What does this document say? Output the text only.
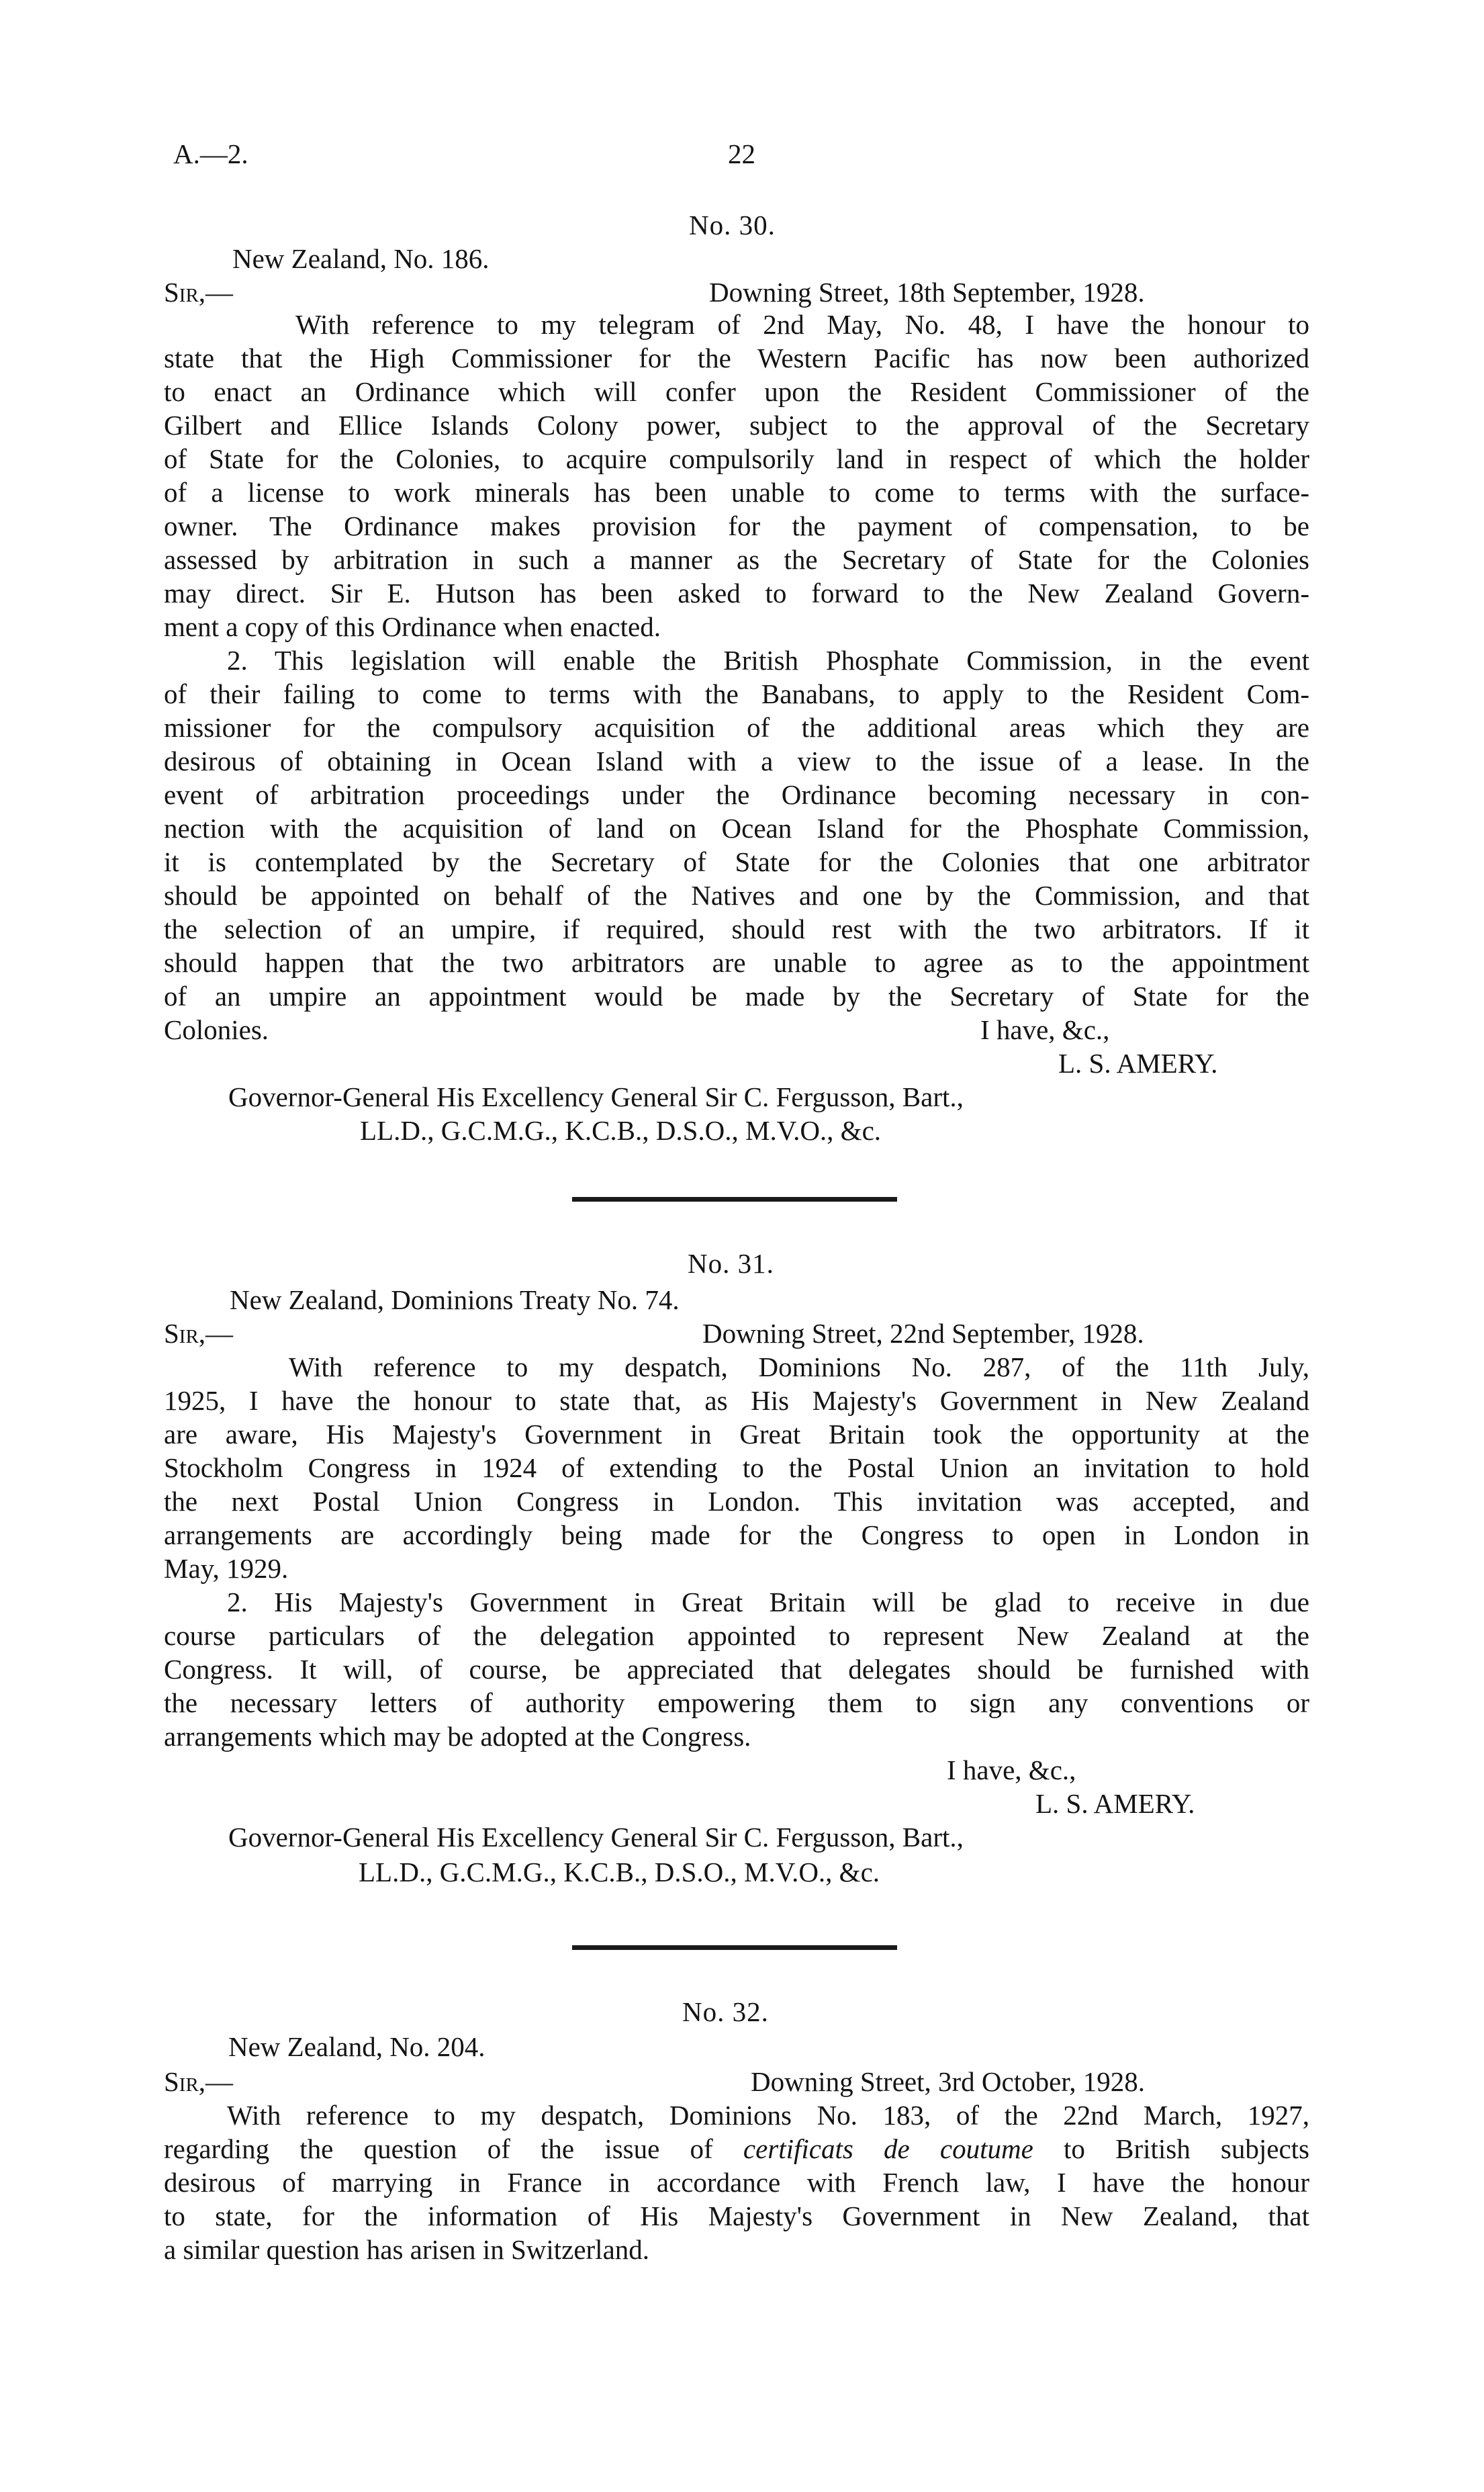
A.—2.	22
No. 30.
New Zealand, No. 186.
Sir,—	Downing Street, 18th September, 1928.
With reference to my telegram of 2nd May, No. 48, I have the honour to
state that the High Commissioner for the Western Pacific has now been authorized
to enact an Ordinance which will confer upon the Resident Commissioner of the
Gilbert and Ellice Islands Colony power, subject to the approval of the Secretary
of State for the Colonies, to acquire compulsorily land in respect of which the holder
of a license to work minerals has been unable to come to terms with the surface-
owner. The Ordinance makes provision for the payment of compensation, to be
assessed by arbitration in such a manner as the Secretary of State for the Colonies
may direct. Sir E. Hutson has been asked to forward to the New Zealand Govern-
ment a copy of this Ordinance when enacted.
2. This legislation will enable the British Phosphate Commission, in the event
of their failing to come to terms with the Banabans, to apply to the Resident Com-
missioner for the compulsory acquisition of the additional areas which they are
desirous of obtaining in Ocean Island with a view to the issue of a lease. In the
event of arbitration proceedings under the Ordinance becoming necessary in con-
nection with the acquisition of land on Ocean Island for the Phosphate Commission,
it is contemplated by the Secretary of State for the Colonies that one arbitrator
should be appointed on behalf of the Natives and one by the Commission, and that
the selection of an umpire, if required, should rest with the two arbitrators. If it
should happen that the two arbitrators are unable to agree as to the appointment
of an umpire an appointment would be made by the Secretary of State for the
Colonies.	I have, &c.,
L. S. AMERY.
Governor-General His Excellency General Sir C. Fergusson, Bart.,
LL.D., G.C.M.G., K.C.B., D.S.O., M.V.O., &c.
No. 31.
New Zealand, Dominions Treaty No. 74.
Sir,—	Downing Street, 22nd September, 1928.
With reference to my despatch, Dominions No. 287, of the 11th July,
1925, I have the honour to state that, as His Majesty's Government in New Zealand
are aware, His Majesty's Government in Great Britain took the opportunity at the
Stockholm Congress in 1924 of extending to the Postal Union an invitation to hold
the next Postal Union Congress in London. This invitation was accepted, and
arrangements are accordingly being made for the Congress to open in London in
May, 1929.
2. His Majesty's Government in Great Britain will be glad to receive in due
course particulars of the delegation appointed to represent New Zealand at the
Congress. It will, of course, be appreciated that delegates should be furnished with
the necessary letters of authority empowering them to sign any conventions or
arrangements which may be adopted at the Congress.
I have, &c.,
L. S. AMERY.
Governor-General His Excellency General Sir C. Fergusson, Bart.,
LL.D., G.C.M.G., K.C.B., D.S.O., M.V.O., &c.
No. 32.
New Zealand, No. 204.
Sir,—	Downing Street, 3rd October, 1928.
With reference to my despatch, Dominions No. 183, of the 22nd March, 1927,
regarding the question of the issue of certificats de coutume to British subjects
desirous of marrying in France in accordance with French law, I have the honour
to state, for the information of His Majesty's Government in New Zealand, that
a similar question has arisen in Switzerland.
